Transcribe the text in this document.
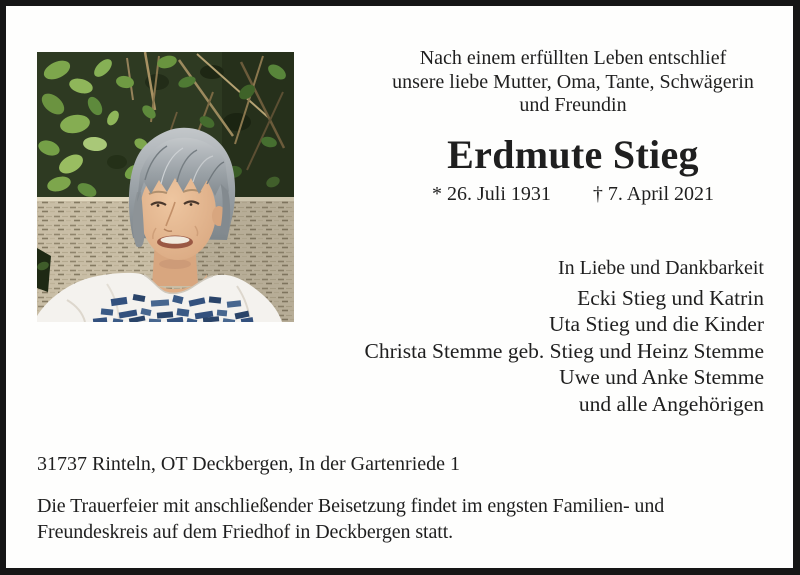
Nach einem erfüllten Leben entschlief
unsere liebe Mutter, Oma, Tante, Schwägerin
und Freundin
Erdmute Stieg
* 26. Juli 1931 † 7. April 2021
In Liebe und Dankbarkeit
Ecki Stieg und Katrin
Uta Stieg und die Kinder
Christa Stemme geb. Stieg und Heinz Stemme
Uwe und Anke Stemme
und alle Angehörigen
31737 Rinteln, OT Deckbergen, In der Gartenriede 1
Die Trauerfeier mit anschließender Beisetzung findet im engsten Familien- und
Freundeskreis auf dem Friedhof in Deckbergen statt.
